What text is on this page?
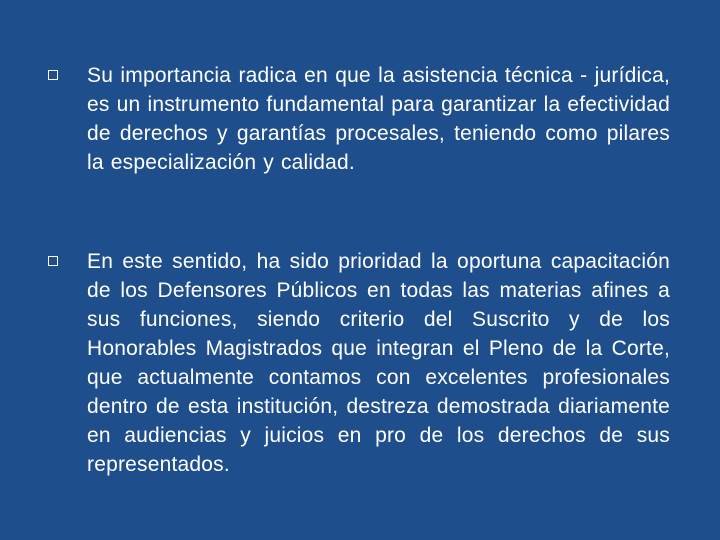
Su importancia radica en que la asistencia técnica - jurídica, es un instrumento fundamental para garantizar la efectividad de derechos y garantías procesales, teniendo como pilares la especialización y calidad.

En este sentido, ha sido prioridad la oportuna capacitación de los Defensores Públicos en todas las materias afines a sus funciones, siendo criterio del Suscrito y de los Honorables Magistrados que integran el Pleno de la Corte, que actualmente contamos con excelentes profesionales dentro de esta institución, destreza demostrada diariamente en audiencias y juicios en pro de los derechos de sus representados.
